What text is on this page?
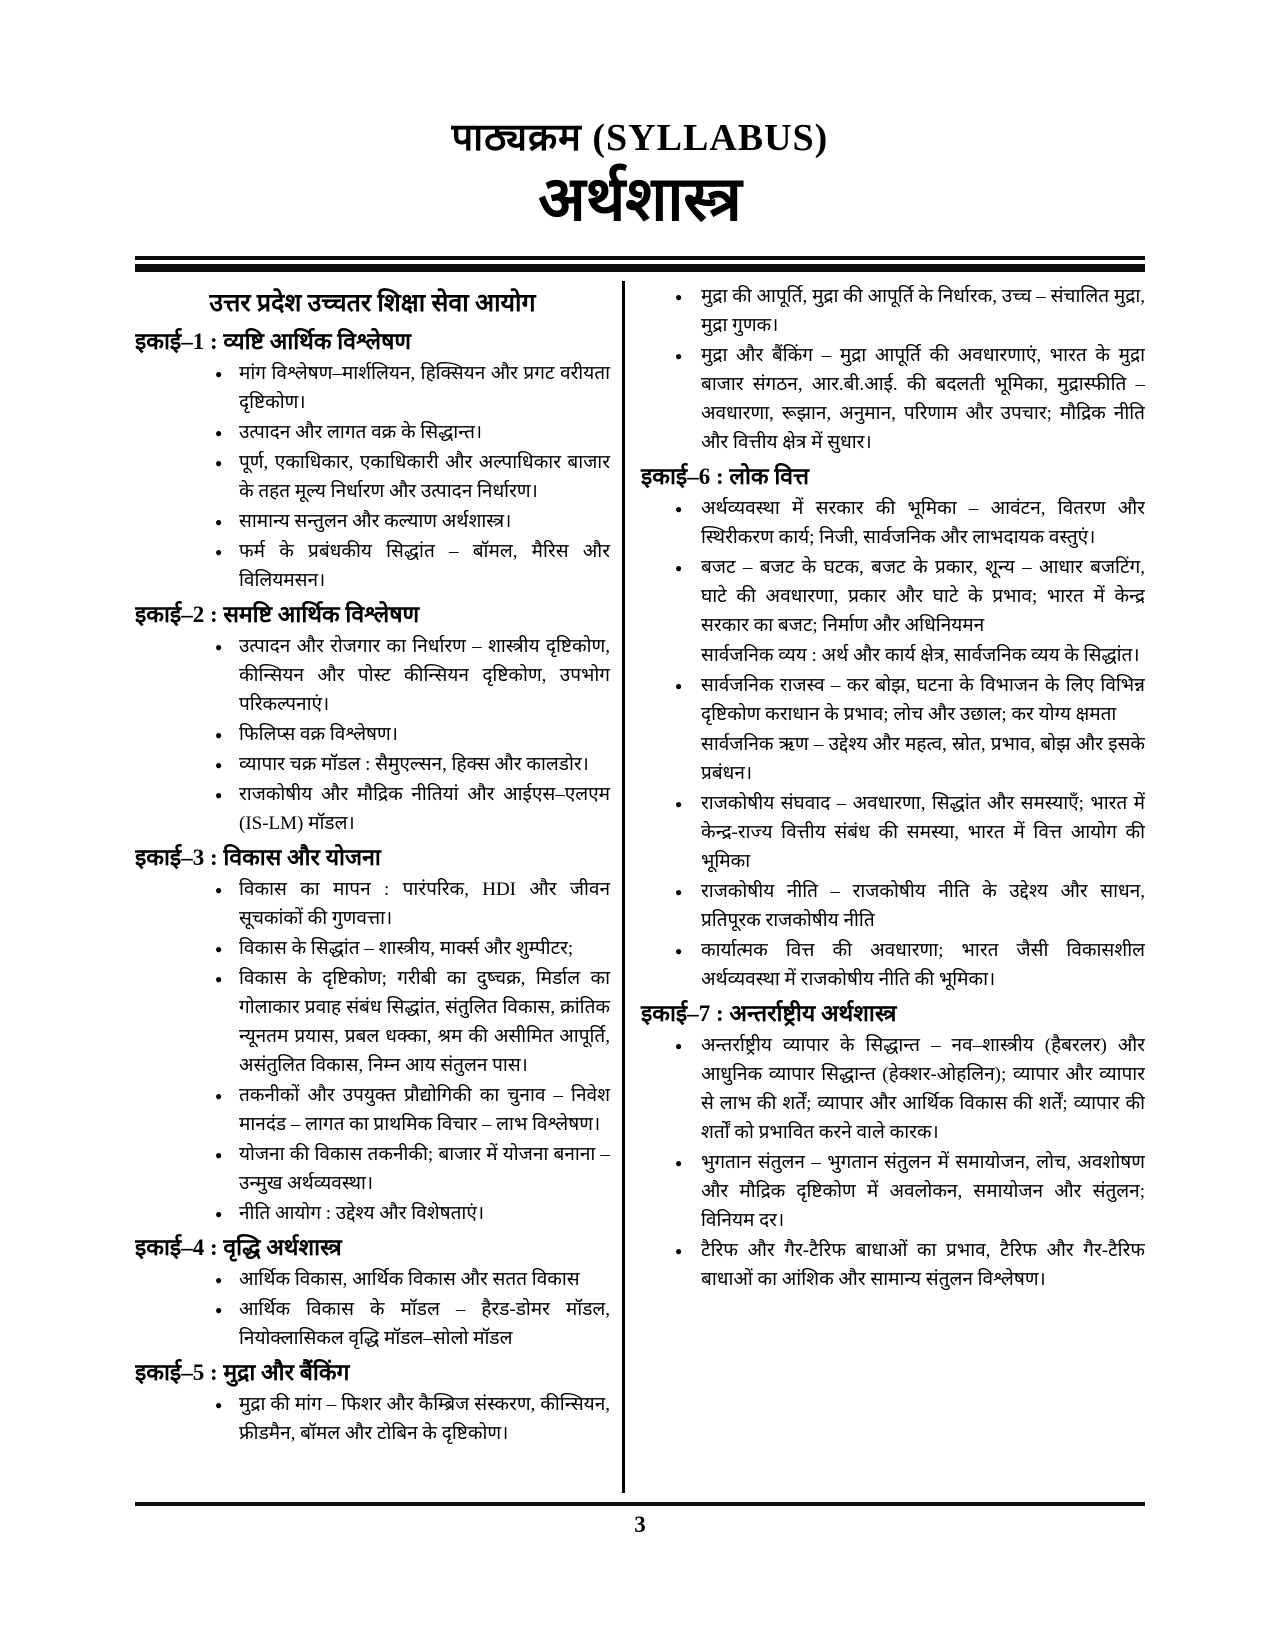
पाठ्यक्रम (SYLLABUS)
अर्थशास्त्र
उत्तर प्रदेश उच्चतर शिक्षा सेवा आयोग
इकाई–1 : व्यष्टि आर्थिक विश्लेषण
● मांग विश्लेषण–मार्शलियन, हिक्सियन और प्रगट वरीयता दृष्टिकोण।
● उत्पादन और लागत वक्र के सिद्धान्त।
● पूर्ण, एकाधिकार, एकाधिकारी और अल्पाधिकार बाजार के तहत मूल्य निर्धारण और उत्पादन निर्धारण।
● सामान्य सन्तुलन और कल्याण अर्थशास्त्र।
● फर्म के प्रबंधकीय सिद्धांत – बॉमल, मैरिस और विलियमसन।
इकाई–2 : समष्टि आर्थिक विश्लेषण
● उत्पादन और रोजगार का निर्धारण – शास्त्रीय दृष्टिकोण, कीन्सियन और पोस्ट कीन्सियन दृष्टिकोण, उपभोग परिकल्पनाएं।
● फिलिप्स वक्र विश्लेषण।
● व्यापार चक्र मॉडल : सैमुएल्सन, हिक्स और कालडोर।
● राजकोषीय और मौद्रिक नीतियां और आईएस–एलएम (IS-LM) मॉडल।
इकाई–3 : विकास और योजना
● विकास का मापन : पारंपरिक, HDI और जीवन सूचकांकों की गुणवत्ता।
● विकास के सिद्धांत – शास्त्रीय, मार्क्स और शुम्पीटर;
● विकास के दृष्टिकोण; गरीबी का दुष्चक्र, मिर्डाल का गोलाकार प्रवाह संबंध सिद्धांत, संतुलित विकास, क्रांतिक न्यूनतम प्रयास, प्रबल धक्का, श्रम की असीमित आपूर्ति, असंतुलित विकास, निम्न आय संतुलन पास।
● तकनीकों और उपयुक्त प्रौद्योगिकी का चुनाव – निवेश मानदंड – लागत का प्राथमिक विचार – लाभ विश्लेषण।
● योजना की विकास तकनीकी; बाजार में योजना बनाना – उन्मुख अर्थव्यवस्था।
● नीति आयोग : उद्देश्य और विशेषताएं।
इकाई–4 : वृद्धि अर्थशास्त्र
● आर्थिक विकास, आर्थिक विकास और सतत विकास
● आर्थिक विकास के मॉडल – हैरड-डोमर मॉडल, नियोक्लासिकल वृद्धि मॉडल–सोलो मॉडल
इकाई–5 : मुद्रा और बैंकिंग
● मुद्रा की मांग – फिशर और कैम्ब्रिज संस्करण, कीन्सियन, फ्रीडमैन, बॉमल और टोबिन के दृष्टिकोण।
● मुद्रा की आपूर्ति, मुद्रा की आपूर्ति के निर्धारक, उच्च – संचालित मुद्रा, मुद्रा गुणक।
● मुद्रा और बैंकिंग – मुद्रा आपूर्ति की अवधारणाएं, भारत के मुद्रा बाजार संगठन, आर.बी.आई. की बदलती भूमिका, मुद्रास्फीति – अवधारणा, रूझान, अनुमान, परिणाम और उपचार; मौद्रिक नीति और वित्तीय क्षेत्र में सुधार।
इकाई–6 : लोक वित्त
● अर्थव्यवस्था में सरकार की भूमिका – आवंटन, वितरण और स्थिरीकरण कार्य; निजी, सार्वजनिक और लाभदायक वस्तुएं।
● बजट – बजट के घटक, बजट के प्रकार, शून्य – आधार बजटिंग, घाटे की अवधारणा, प्रकार और घाटे के प्रभाव; भारत में केन्द्र सरकार का बजट; निर्माण और अधिनियमन
सार्वजनिक व्यय : अर्थ और कार्य क्षेत्र, सार्वजनिक व्यय के सिद्धांत।
● सार्वजनिक राजस्व – कर बोझ, घटना के विभाजन के लिए विभिन्न दृष्टिकोण कराधान के प्रभाव; लोच और उछाल; कर योग्य क्षमता
सार्वजनिक ऋण – उद्देश्य और महत्व, स्रोत, प्रभाव, बोझ और इसके प्रबंधन।
● राजकोषीय संघवाद – अवधारणा, सिद्धांत और समस्याएँ; भारत में केन्द्र-राज्य वित्तीय संबंध की समस्या, भारत में वित्त आयोग की भूमिका
● राजकोषीय नीति – राजकोषीय नीति के उद्देश्य और साधन, प्रतिपूरक राजकोषीय नीति
● कार्यात्मक वित्त की अवधारणा; भारत जैसी विकासशील अर्थव्यवस्था में राजकोषीय नीति की भूमिका।
इकाई–7 : अन्तर्राष्ट्रीय अर्थशास्त्र
● अन्तर्राष्ट्रीय व्यापार के सिद्धान्त – नव–शास्त्रीय (हैबरलर) और आधुनिक व्यापार सिद्धान्त (हेक्शर-ओहलिन); व्यापार और व्यापार से लाभ की शर्तें; व्यापार और आर्थिक विकास की शर्तें; व्यापार की शर्तों को प्रभावित करने वाले कारक।
● भुगतान संतुलन – भुगतान संतुलन में समायोजन, लोच, अवशोषण और मौद्रिक दृष्टिकोण में अवलोकन, समायोजन और संतुलन; विनियम दर।
● टैरिफ और गैर-टैरिफ बाधाओं का प्रभाव, टैरिफ और गैर-टैरिफ बाधाओं का आंशिक और सामान्य संतुलन विश्लेषण।
3
